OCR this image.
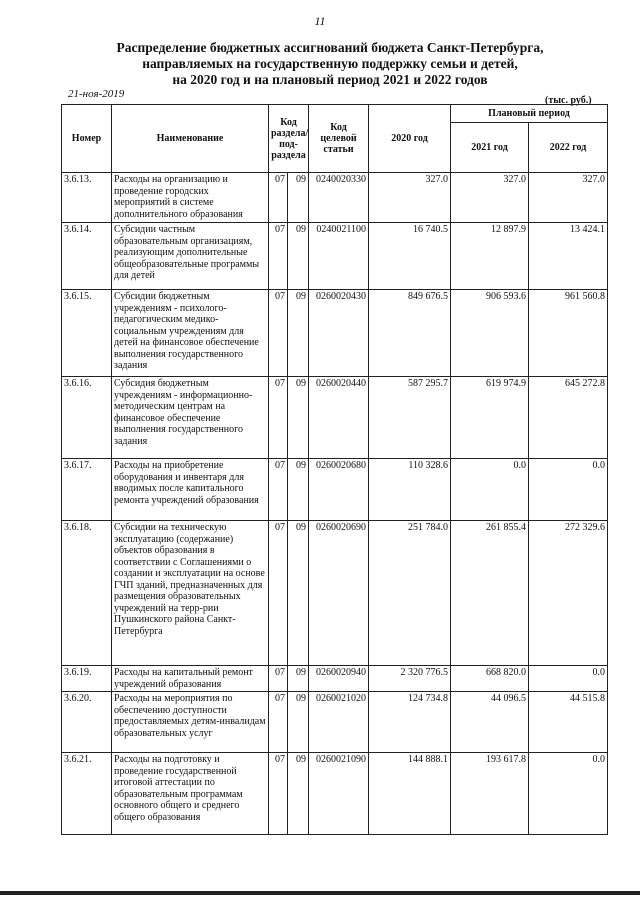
11
Распределение бюджетных ассигнований бюджета Санкт-Петербурга,
направляемых на государственную поддержку семьи и детей,
на 2020 год и на плановый период 2021 и 2022 годов
21-ноя-2019
(тыс. руб.)
Номер	Наименование	Код раздела/ под-раздела		Код целевой статьи	2020 год	Плановый период	
						2021 год	2022 год
3.6.13.	Расходы на организацию и проведение городских мероприятий в системе дополнительного образования	07	09	0240020330	327.0	327.0	327.0
3.6.14.	Субсидии частным образовательным организациям, реализующим дополнительные общеобразовательные программы для детей	07	09	0240021100	16 740.5	12 897.9	13 424.1
3.6.15.	Субсидии бюджетным учреждениям - психолого-педагогическим медико-социальным учреждениям для детей на финансовое обеспечение выполнения государственного задания	07	09	0260020430	849 676.5	906 593.6	961 560.8
3.6.16.	Субсидия бюджетным учреждениям - информационно-методическим центрам на финансовое обеспечение выполнения государственного задания	07	09	0260020440	587 295.7	619 974.9	645 272.8
3.6.17.	Расходы на приобретение оборудования и инвентаря для вводимых после капитального ремонта учреждений образования	07	09	0260020680	110 328.6	0.0	0.0
3.6.18.	Субсидии на техническую эксплуатацию (содержание) объектов образования в соответствии с Соглашениями о создании и эксплуатации на основе ГЧП зданий, предназначенных для размещения образовательных учреждений на терр-рии Пушкинского района Санкт-Петербурга	07	09	0260020690	251 784.0	261 855.4	272 329.6
3.6.19.	Расходы на капитальный ремонт учреждений образования	07	09	0260020940	2 320 776.5	668 820.0	0.0
3.6.20.	Расходы на мероприятия по обеспечению доступности предоставляемых детям-инвалидам образовательных услуг	07	09	0260021020	124 734.8	44 096.5	44 515.8
3.6.21.	Расходы на подготовку и проведение государственной итоговой аттестации по образовательным программам основного общего и среднего общего образования	07	09	0260021090	144 888.1	193 617.8	0.0
